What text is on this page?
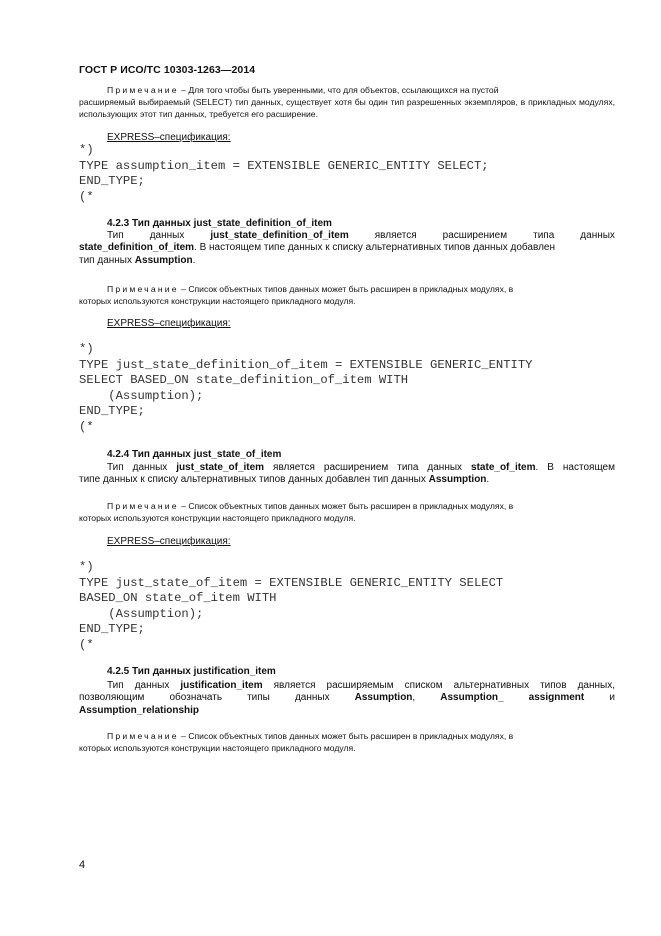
ГОСТ Р ИСО/ТС 10303-1263—2014
Примечание – Для того чтобы быть уверенными, что для объектов, ссылающихся на пустой
расширяемый выбираемый (SELECT) тип данных, существует хотя бы один тип разрешенных экземпляров, в прикладных модулях, использующих этот тип данных, требуется его расширение.
EXPRESS–спецификация:
*)
TYPE assumption_item = EXTENSIBLE GENERIC_ENTITY SELECT;
END_TYPE;
(*
4.2.3 Тип данных just_state_definition_of_item
Тип	данных	just_state_definition_of_item	является	расширением	типа	данных
state_definition_of_item. В настоящем типе данных к списку альтернативных типов данных добавлен
тип данных Assumption.
Примечание – Список объектных типов данных может быть расширен в прикладных модулях, в
которых используются конструкции настоящего прикладного модуля.
EXPRESS–спецификация:
*)
TYPE just_state_definition_of_item = EXTENSIBLE GENERIC_ENTITY
SELECT BASED_ON state_definition_of_item WITH
(Assumption);
END_TYPE;
(*
4.2.4 Тип данных just_state_of_item
Тип данных just_state_of_item является расширением типа данных state_of_item. В настоящем
типе данных к списку альтернативных типов данных добавлен тип данных Assumption.
Примечание – Список объектных типов данных может быть расширен в прикладных модулях, в
которых используются конструкции настоящего прикладного модуля.
EXPRESS–спецификация:
*)
TYPE just_state_of_item = EXTENSIBLE GENERIC_ENTITY SELECT
BASED_ON state_of_item WITH
(Assumption);
END_TYPE;
(*
4.2.5 Тип данных justification_item
Тип данных justification_item является расширяемым списком альтернативных типов данных,
позволяющим	обозначать	типы	данных	Assumption,	Assumption_	assignment	и
Assumption_relationship
Примечание – Список объектных типов данных может быть расширен в прикладных модулях, в
которых используются конструкции настоящего прикладного модуля.
4
